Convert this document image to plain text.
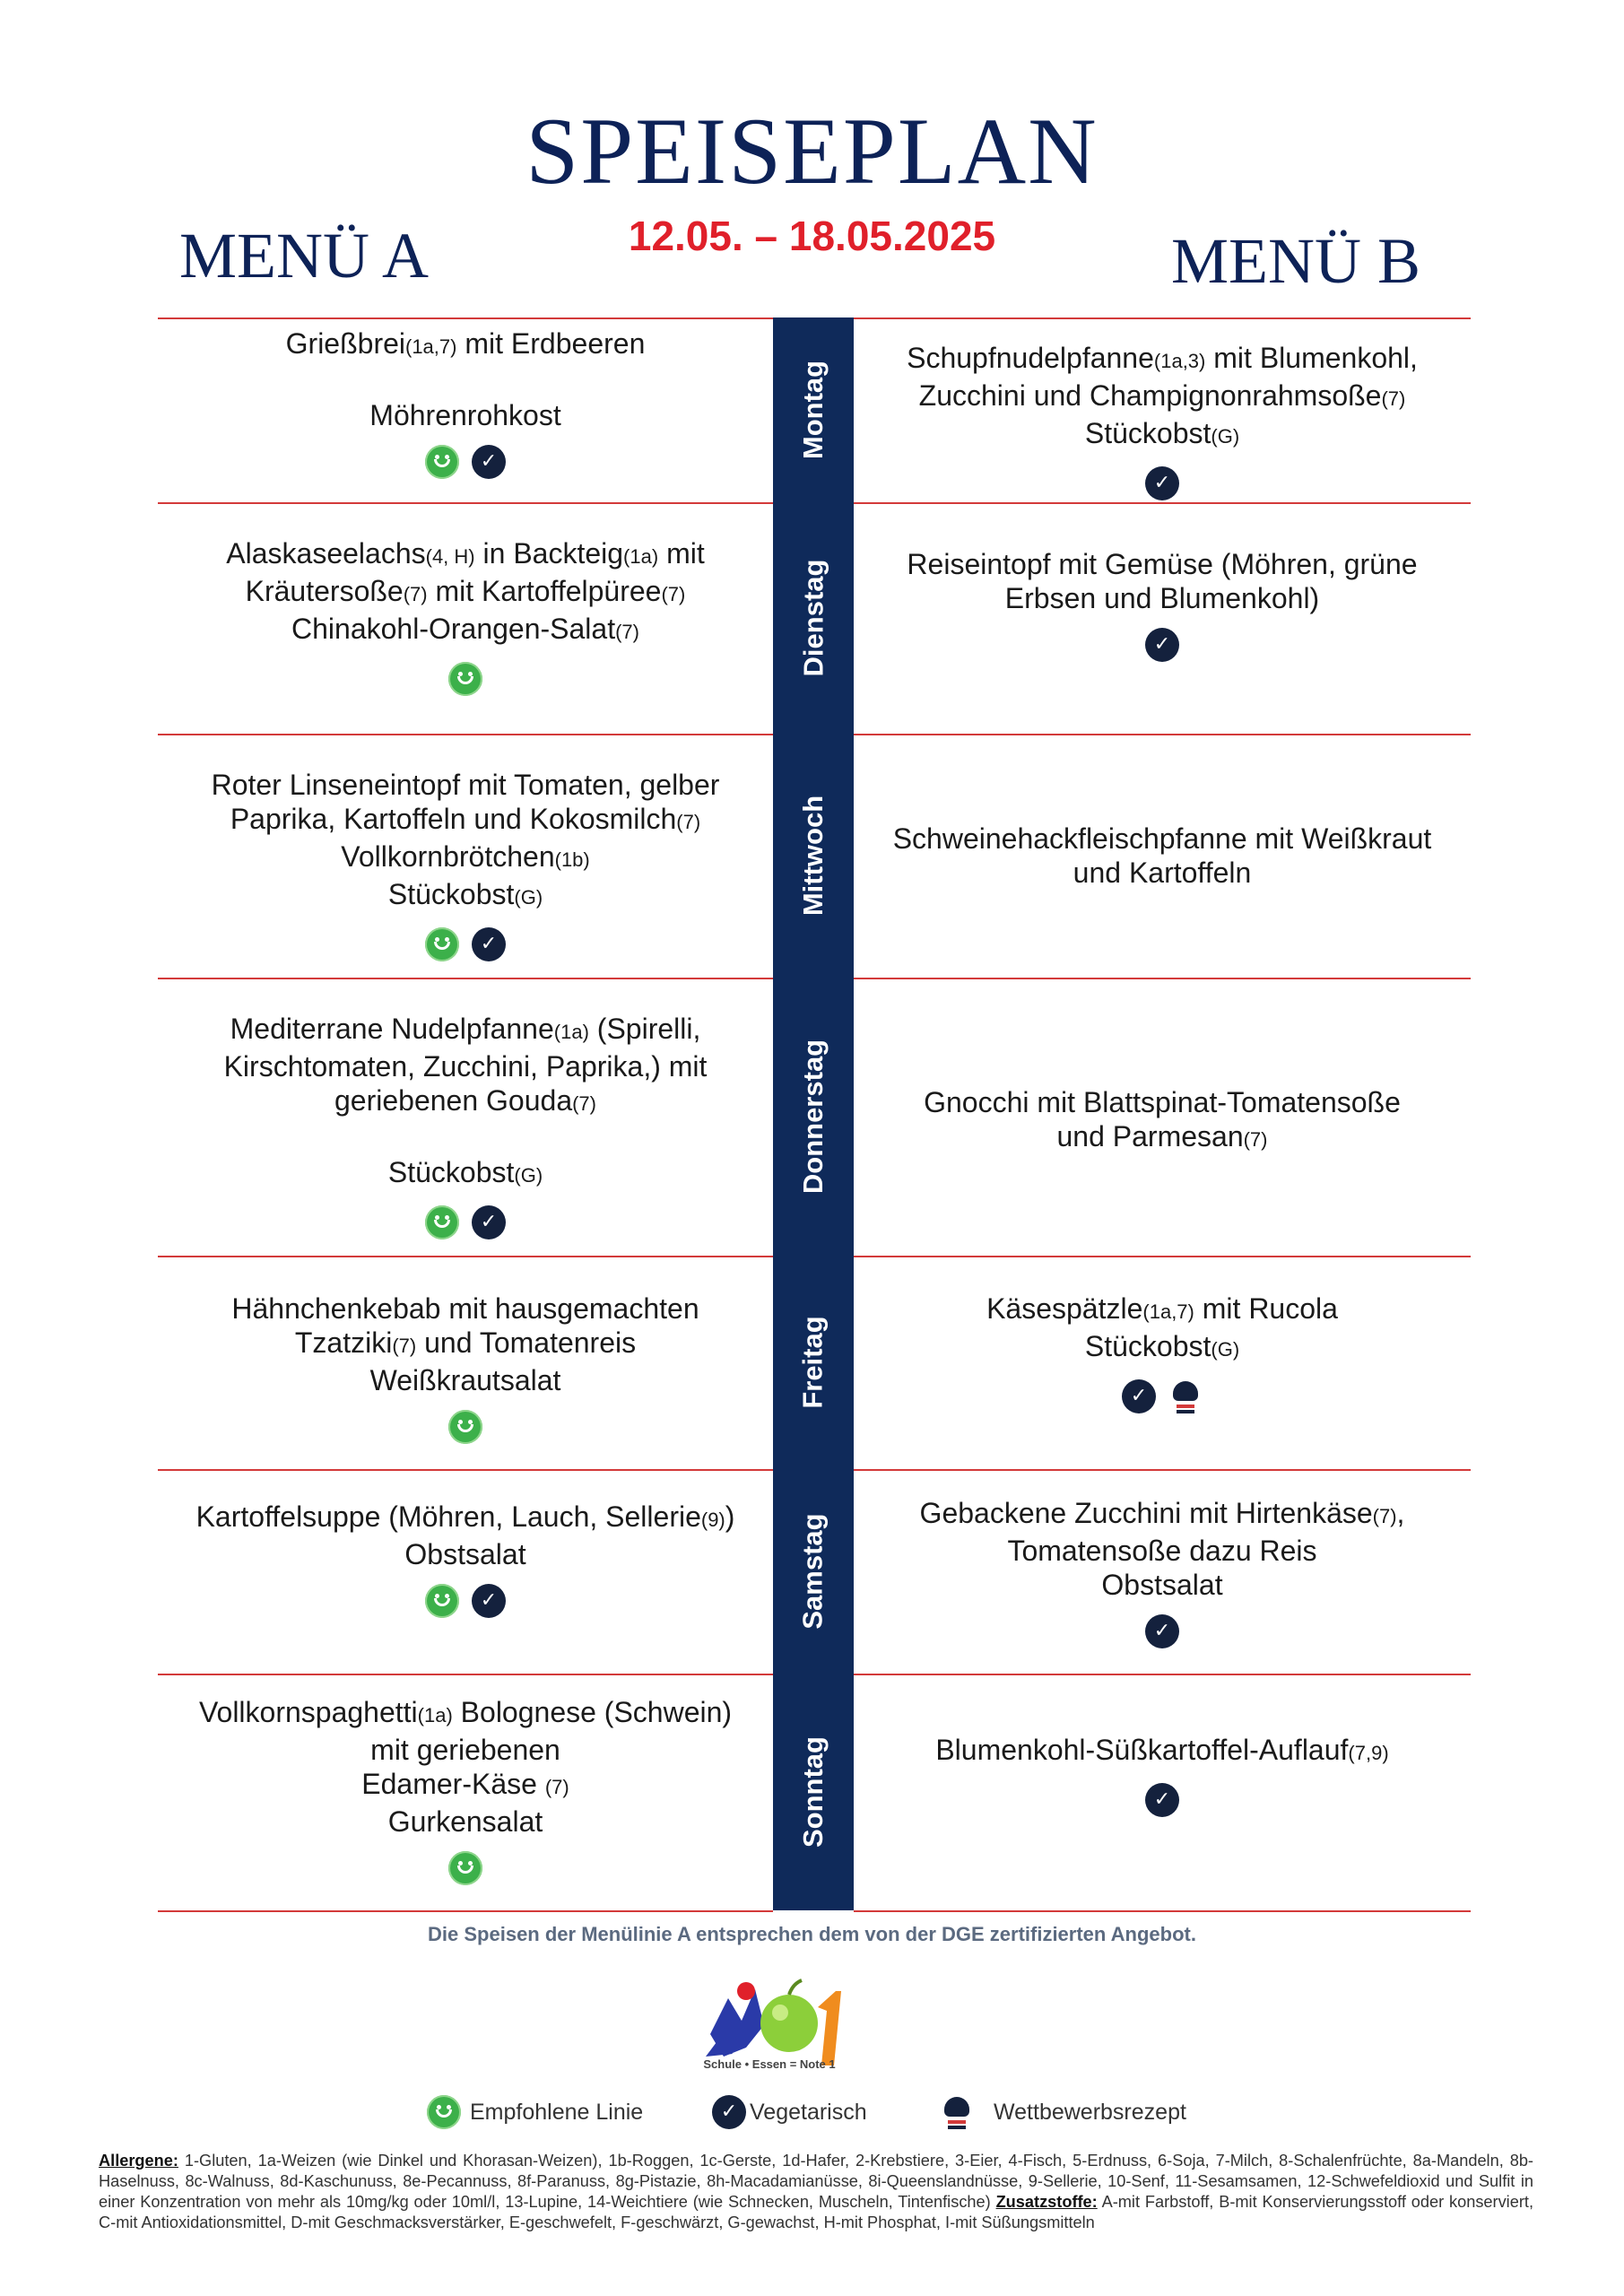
SPEISEPLAN
12.05. – 18.05.2025
MENÜ A	MENÜ B

Grießbrei(1a,7) mit Erdbeeren

Möhrenrohkost

✓

Schupfnudelpfanne(1a,3) mit Blumenkohl,

Zucchini und Champignonrahmsoße(7)

Stückobst(G)

✓
Montag

Alaskaseelachs(4, H) in Backteig(1a) mit

Kräutersoße(7) mit Kartoffelpüree(7)

Chinakohl-Orangen-Salat(7)

Reiseintopf mit Gemüse (Möhren, grüne

Erbsen und Blumenkohl)

✓
Dienstag

Roter Linseneintopf mit Tomaten, gelber

Paprika, Kartoffeln und Kokosmilch(7)

Vollkornbrötchen(1b)

Stückobst(G)

✓

Schweinehackfleischpfanne mit Weißkraut

und Kartoffeln

Mittwoch

Mediterrane Nudelpfanne(1a) (Spirelli,

Kirschtomaten, Zucchini, Paprika,) mit

geriebenen Gouda(7)

Stückobst(G)

✓

Gnocchi mit Blattspinat-Tomatensoße

und Parmesan(7)

Donnerstag

Hähnchenkebab mit hausgemachten

Tzatziki(7) und Tomatenreis

Weißkrautsalat

Käsespätzle(1a,7) mit Rucola

Stückobst(G)

✓
Freitag

Kartoffelsuppe (Möhren, Lauch, Sellerie(9))

Obstsalat

✓

Gebackene Zucchini mit Hirtenkäse(7),

Tomatensoße dazu Reis

Obstsalat

✓
Samstag

Vollkornspaghetti(1a) Bolognese (Schwein)

mit geriebenen

Edamer-Käse (7)

Gurkensalat

Blumenkohl-Süßkartoffel-Auflauf(7,9)

✓
Sonntag
Die Speisen der Menülinie A entsprechen dem von der DGE zertifizierten Angebot.
Schule • Essen = Note 1
Empfohlene Linie
✓	Vegetarisch	Wettbewerbsrezept
Allergene: 1-Gluten, 1a-Weizen (wie Dinkel und Khorasan-Weizen), 1b-Roggen, 1c-Gerste, 1d-Hafer, 2-Krebstiere, 3-Eier, 4-Fisch, 5-Erdnuss, 6-Soja, 7-Milch, 8-Schalenfrüchte, 8a-Mandeln, 8b-Haselnuss, 8c-Walnuss, 8d-Kaschunuss, 8e-Pecannuss, 8f-Paranuss, 8g-Pistazie, 8h-Macadamianüsse, 8i-Queenslandnüsse, 9-Sellerie, 10-Senf, 11-Sesamsamen, 12-Schwefeldioxid und Sulfit in einer Konzentration von mehr als 10mg/kg oder 10ml/l, 13-Lupine, 14-Weichtiere (wie Schnecken, Muscheln, Tintenfische) Zusatzstoffe: A-mit Farbstoff, B-mit Konservierungsstoff oder konserviert, C-mit Antioxidationsmittel, D-mit Geschmacksverstärker, E-geschwefelt, F-geschwärzt, G-gewachst, H-mit Phosphat, I-mit Süßungsmitteln
